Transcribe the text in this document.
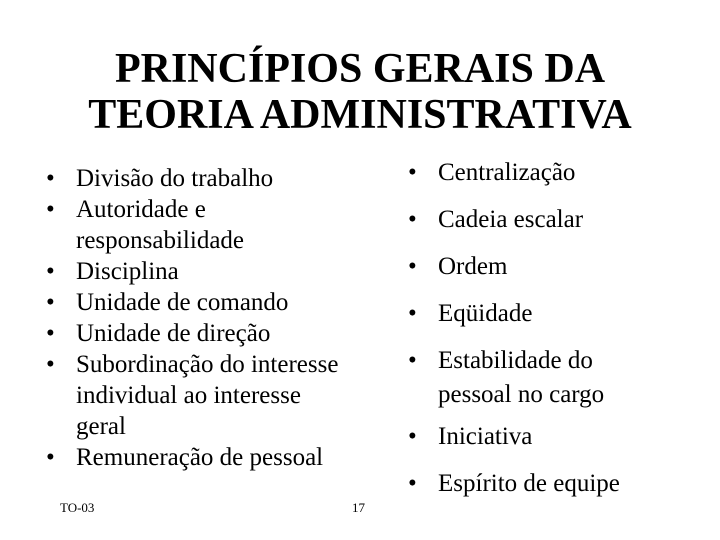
PRINCÍPIOS GERAIS DA
TEORIA ADMINISTRATIVA
• Divisão do trabalho
• Autoridade e
responsabilidade
• Disciplina
• Unidade de comando
• Unidade de direção
• Subordinação do interesse
individual ao interesse
geral
• Remuneração de pessoal
• Centralização
• Cadeia escalar
• Ordem
• Eqüidade
• Estabilidade do
pessoal no cargo
• Iniciativa
• Espírito de equipe
TO-03	17
